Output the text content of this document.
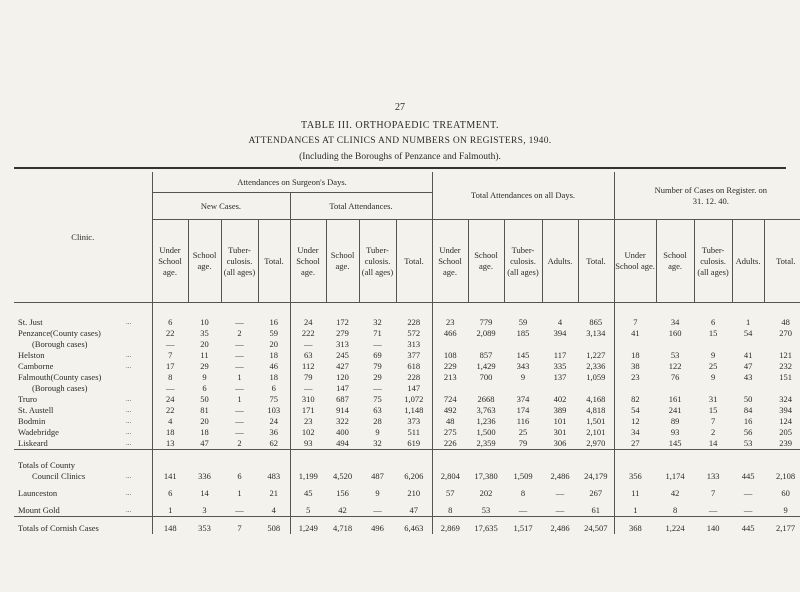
27
TABLE III. ORTHOPAEDIC TREATMENT.
ATTENDANCES AT CLINICS AND NUMBERS ON REGISTERS, 1940.
(Including the Boroughs of Penzance and Falmouth).
Clinic.		Attendances on Surgeon's Days.								Total Attendances on all Days.					Number of Cases on Register. on 31. 12. 40.				
		New Cases.				Total Attendances.													
		Under School age.	School age.	Tuber-culosis. (all ages)	Total.	Under School age.	School age.	Tuber-culosis. (all ages)	Total.	Under School age.	School age.	Tuber-culosis. (all ages)	Adults.	Total.	Under School age.	School age.	Tuber-culosis. (all ages)	Adults.	Total.

St. Just	...	6	10	—	16	24	172	32	228	23	779	59	4	865	7	34	6	1	48
Penzance(County cases)		22	35	2	59	222	279	71	572	466	2,089	185	394	3,134	41	160	15	54	270
(Borough cases)		—	20	—	20	—	313	—	313										
Helston	...	7	11	—	18	63	245	69	377	108	857	145	117	1,227	18	53	9	41	121
Camborne	...	17	29	—	46	112	427	79	618	229	1,429	343	335	2,336	38	122	25	47	232
Falmouth(County cases)		8	9	1	18	79	120	29	228	213	700	9	137	1,059	23	76	9	43	151
(Borough cases)		—	6	—	6	—	147	—	147										
Truro	...	24	50	1	75	310	687	75	1,072	724	2668	374	402	4,168	82	161	31	50	324
St. Austell	...	22	81	—	103	171	914	63	1,148	492	3,763	174	389	4,818	54	241	15	84	394
Bodmin	...	4	20	—	24	23	322	28	373	48	1,236	116	101	1,501	12	89	7	16	124
Wadebridge	...	18	18	—	36	102	400	9	511	275	1,500	25	301	2,101	34	93	2	56	205
Liskeard	...	13	47	2	62	93	494	32	619	226	2,359	79	306	2,970	27	145	14	53	239

Totals of County																			
Council Clinics	...	141	336	6	483	1,199	4,520	487	6,206	2,804	17,380	1,509	2,486	24,179	356	1,174	133	445	2,108

Launceston	...	6	14	1	21	45	156	9	210	57	202	8	—	267	11	42	7	—	60

Mount Gold	...	1	3	—	4	5	42	—	47	8	53	—	—	61	1	8	—	—	9

Totals of Cornish Cases		148	353	7	508	1,249	4,718	496	6,463	2,869	17,635	1,517	2,486	24,507	368	1,224	140	445	2,177
